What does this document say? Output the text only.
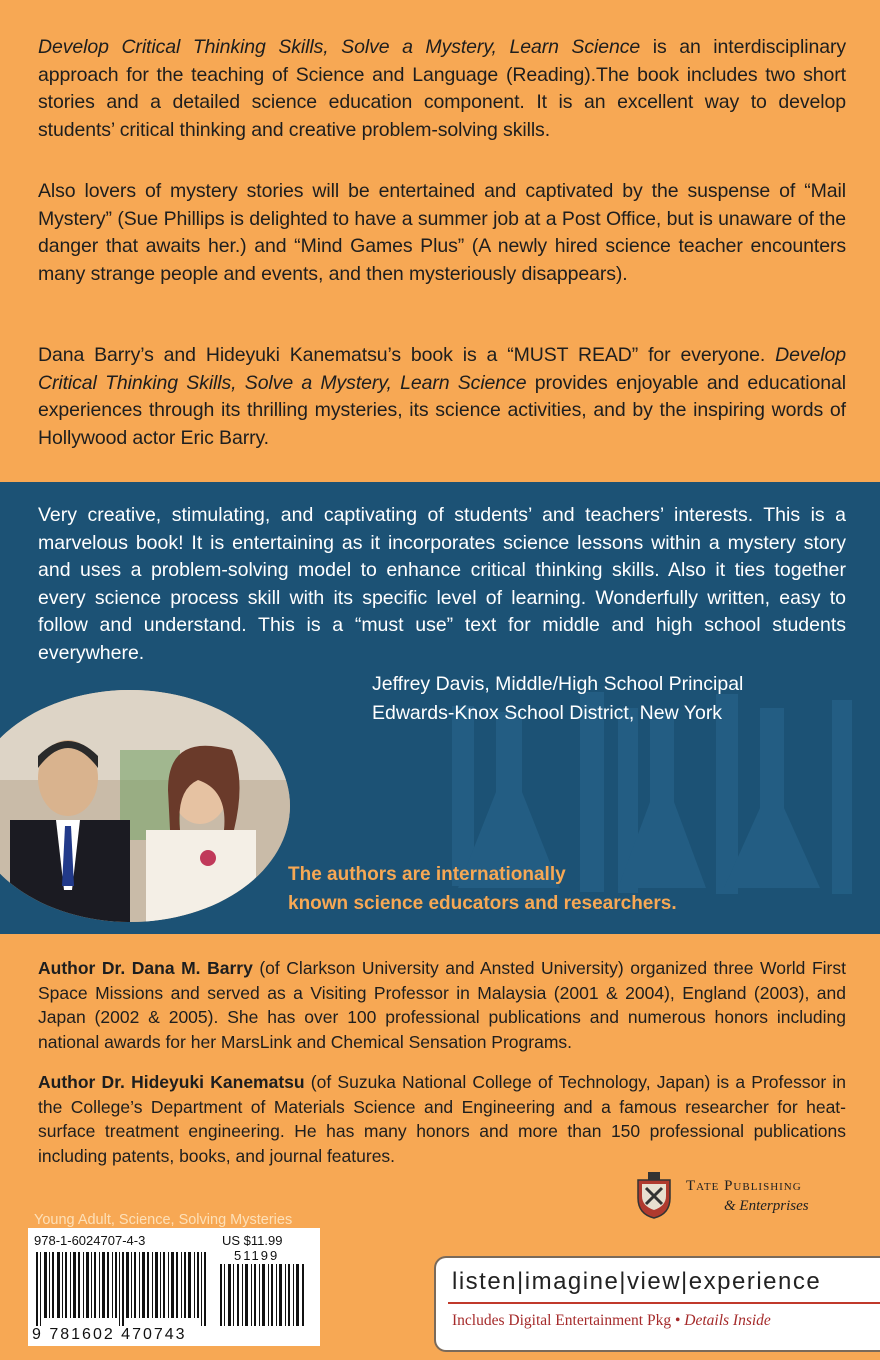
Develop Critical Thinking Skills, Solve a Mystery, Learn Science is an interdisciplinary approach for the teaching of Science and Language (Reading).The book includes two short stories and a detailed science education component. It is an excellent way to develop students’ critical thinking and creative problem-solving skills.

Also lovers of mystery stories will be entertained and captivated by the suspense of “Mail Mystery” (Sue Phillips is delighted to have a summer job at a Post Office, but is unaware of the danger that awaits her.) and “Mind Games Plus” (A newly hired science teacher encounters many strange people and events, and then mysteriously disappears).

Dana Barry’s and Hideyuki Kanematsu’s book is a “MUST READ” for everyone. Develop Critical Thinking Skills, Solve a Mystery, Learn Science provides enjoyable and educational experiences through its thrilling mysteries, its science activities, and by the inspiring words of Hollywood actor Eric Barry.

Very creative, stimulating, and captivating of students’ and teachers’ interests. This is a marvelous book! It is entertaining as it incorporates science lessons within a mystery story and uses a problem-solving model to enhance critical thinking skills. Also it ties together every science process skill with its specific level of learning. Wonderfully written, easy to follow and understand. This is a “must use” text for middle and high school students everywhere.

Jeffrey Davis, Middle/High School Principal
Edwards-Knox School District, New York
The authors are internationally
known science educators and researchers.

Author Dr. Dana M. Barry (of Clarkson University and Ansted University) organized three World First Space Missions and served as a Visiting Professor in Malaysia (2001 & 2004), England (2003), and Japan (2002 & 2005). She has over 100 professional publications and numerous honors including national awards for her MarsLink and Chemical Sensation Programs.

Author Dr. Hideyuki Kanematsu (of Suzuka National College of Technology, Japan) is a Professor in the College’s Department of Materials Science and Engineering and a famous researcher for heat-surface treatment engineering. He has many honors and more than 150 professional publications including patents, books, and journal features.

Young Adult, Science, Solving Mysteries
978-1-6024707-4-3	US $11.99
51199
9 781602 470743
Tate Publishing
& Enterprises
listen|imagine|view|experience
Includes Digital Entertainment Pkg • Details Inside
